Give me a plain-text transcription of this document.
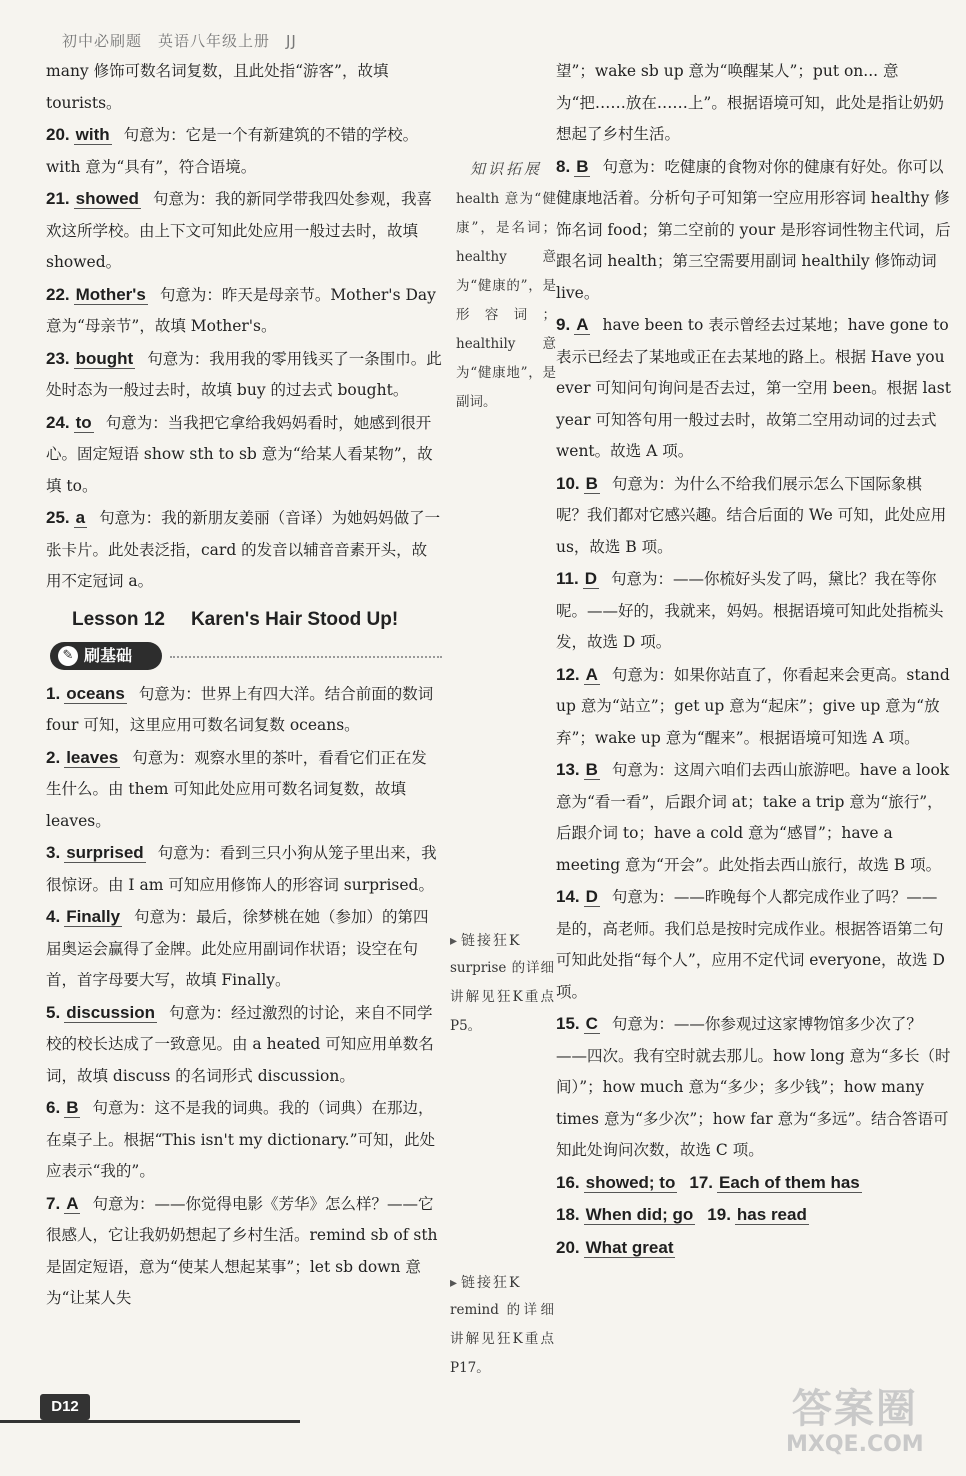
初中必刷题　英语八年级上册　JJ

many 修饰可数名词复数，且此处指“游客”，故填 tourists。

20. with 句意为：它是一个有新建筑的不错的学校。with 意为“具有”，符合语境。

21. showed 句意为：我的新同学带我四处参观，我喜欢这所学校。由上下文可知此处应用一般过去时，故填 showed。

22. Mother's 句意为：昨天是母亲节。Mother's Day 意为“母亲节”，故填 Mother's。

23. bought 句意为：我用我的零用钱买了一条围巾。此处时态为一般过去时，故填 buy 的过去式 bought。

24. to 句意为：当我把它拿给我妈妈看时，她感到很开心。固定短语 show sth to sb 意为“给某人看某物”，故填 to。

25. a 句意为：我的新朋友姜丽（音译）为她妈妈做了一张卡片。此处表泛指，card 的发音以辅音音素开头，故用不定冠词 a。

Lesson 12 Karen's Hair Stood Up!
✎ 刷基础

1. oceans 句意为：世界上有四大洋。结合前面的数词 four 可知，这里应用可数名词复数 oceans。

2. leaves 句意为：观察水里的茶叶，看看它们正在发生什么。由 them 可知此处应用可数名词复数，故填 leaves。

3. surprised 句意为：看到三只小狗从笼子里出来，我很惊讶。由 I am 可知应用修饰人的形容词 surprised。

4. Finally 句意为：最后，徐梦桃在她（参加）的第四届奥运会赢得了金牌。此处应用副词作状语；设空在句首，首字母要大写，故填 Finally。

5. discussion 句意为：经过激烈的讨论，来自不同学校的校长达成了一致意见。由 a heated 可知应用单数名词，故填 discuss 的名词形式 discussion。

6. B 句意为：这不是我的词典。我的（词典）在那边，在桌子上。根据“This isn't my dictionary.”可知，此处应表示“我的”。

7. A 句意为：——你觉得电影《芳华》怎么样？——它很感人，它让我奶奶想起了乡村生活。remind sb of sth 是固定短语，意为“使某人想起某事”；let sb down 意为“让某人失

知识拓展

health 意为“健康”，是名词；healthy 意为“健康的”，是形容词；healthily 意为“健康地”，是副词。

▸ 链接狂K

surprise 的详细讲解见狂K重点P5。

▸ 链接狂K

remind 的详细讲解见狂K重点P17。

望”；wake sb up 意为“唤醒某人”；put on... 意为“把……放在……上”。根据语境可知，此处是指让奶奶想起了乡村生活。

8. B 句意为：吃健康的食物对你的健康有好处。你可以健康地活着。分析句子可知第一空应用形容词 healthy 修饰名词 food；第二空前的 your 是形容词性物主代词，后跟名词 health；第三空需要用副词 healthily 修饰动词 live。

9. A have been to 表示曾经去过某地；have gone to 表示已经去了某地或正在去某地的路上。根据 Have you ever 可知问句询问是否去过，第一空用 been。根据 last year 可知答句用一般过去时，故第二空用动词的过去式 went。故选 A 项。

10. B 句意为：为什么不给我们展示怎么下国际象棋呢？我们都对它感兴趣。结合后面的 We 可知，此处应用 us，故选 B 项。

11. D 句意为：——你梳好头发了吗，黛比？我在等你呢。——好的，我就来，妈妈。根据语境可知此处指梳头发，故选 D 项。

12. A 句意为：如果你站直了，你看起来会更高。stand up 意为“站立”；get up 意为“起床”；give up 意为“放弃”；wake up 意为“醒来”。根据语境可知选 A 项。

13. B 句意为：这周六咱们去西山旅游吧。have a look 意为“看一看”，后跟介词 at；take a trip 意为“旅行”，后跟介词 to；have a cold 意为“感冒”；have a meeting 意为“开会”。此处指去西山旅行，故选 B 项。

14. D 句意为：——昨晚每个人都完成作业了吗？——是的，高老师。我们总是按时完成作业。根据答语第二句可知此处指“每个人”，应用不定代词 everyone，故选 D 项。

15. C 句意为：——你参观过这家博物馆多少次了？——四次。我有空时就去那儿。how long 意为“多长（时间）”；how much 意为“多少；多少钱”；how many times 意为“多少次”；how far 意为“多远”。结合答语可知此处询问次数，故选 C 项。

16. showed; to 17. Each of them has

18. When did; go 19. has read

20. What great

D12	答案圈
MXQE.COM
